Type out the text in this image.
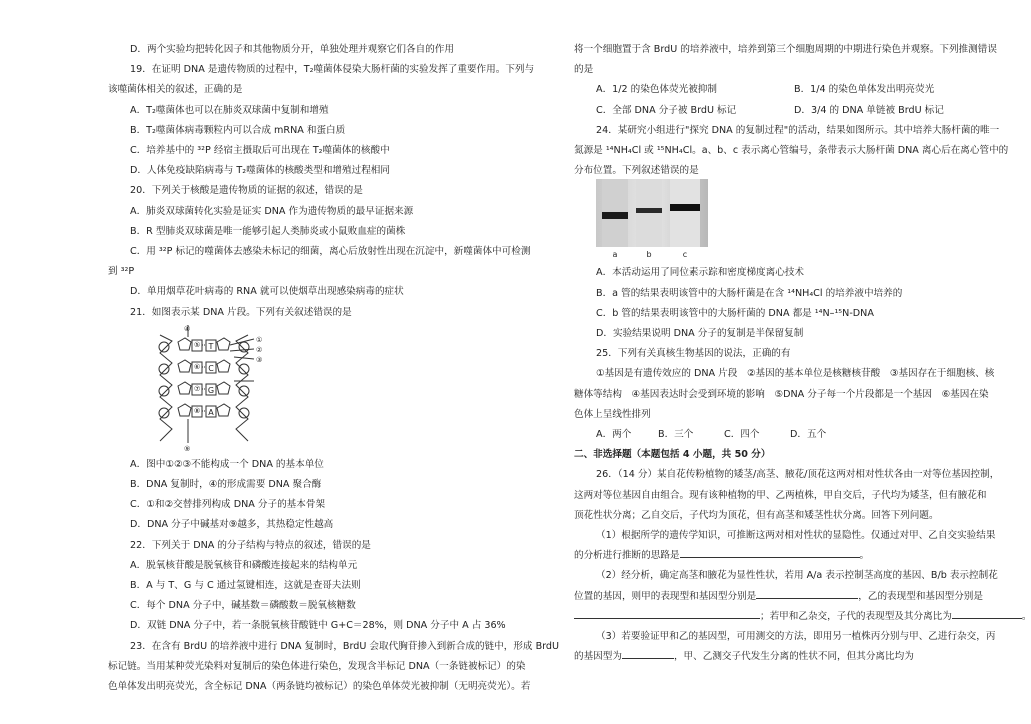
D．两个实验均把转化因子和其他物质分开，单独处理并观察它们各自的作用
19．在证明 DNA 是遗传物质的过程中，T₂噬菌体侵染大肠杆菌的实验发挥了重要作用。下列与
该噬菌体相关的叙述，正确的是
A．T₂噬菌体也可以在肺炎双球菌中复制和增殖
B．T₂噬菌体病毒颗粒内可以合成 mRNA 和蛋白质
C．培养基中的 ³²P 经宿主摄取后可出现在 T₂噬菌体的核酸中
D．人体免疫缺陷病毒与 T₂噬菌体的核酸类型和增殖过程相同
20．下列关于核酸是遗传物质的证据的叙述，错误的是
A．肺炎双球菌转化实验是证实 DNA 作为遗传物质的最早证据来源
B．R 型肺炎双球菌是唯一能够引起人类肺炎或小鼠败血症的菌株
C．用 ³²P 标记的噬菌体去感染未标记的细菌，离心后放射性出现在沉淀中，新噬菌体中可检测
到 ³²P
D．单用烟草花叶病毒的 RNA 就可以使烟草出现感染病毒的症状
21．如图表示某 DNA 片段。下列有关叙述错误的是
T
C
G
A
④
①
②
③
⑤
⑥
⑦
⑧
⑨
A．图中①②③不能构成一个 DNA 的基本单位
B．DNA 复制时，④的形成需要 DNA 聚合酶
C．①和②交替排列构成 DNA 分子的基本骨架
D．DNA 分子中碱基对⑨越多，其热稳定性越高
22．下列关于 DNA 的分子结构与特点的叙述，错误的是
A．脱氧核苷酸是脱氧核苷和磷酸连接起来的结构单元
B．A 与 T、G 与 C 通过氢键相连，这就是查哥夫法则
C．每个 DNA 分子中，碱基数＝磷酸数＝脱氧核糖数
D．双链 DNA 分子中，若一条脱氧核苷酸链中 G+C＝28%，则 DNA 分子中 A 占 36%
23．在含有 BrdU 的培养液中进行 DNA 复制时，BrdU 会取代胸苷掺入到新合成的链中，形成 BrdU
标记链。当用某种荧光染料对复制后的染色体进行染色，发现含半标记 DNA（一条链被标记）的染
色单体发出明亮荧光，含全标记 DNA（两条链均被标记）的染色单体荧光被抑制（无明亮荧光）。若
将一个细胞置于含 BrdU 的培养液中，培养到第三个细胞周期的中期进行染色并观察。下列推测错误
的是
A．1/2 的染色体荧光被抑制	B．1/4 的染色单体发出明亮荧光
C．全部 DNA 分子被 BrdU 标记	D．3/4 的 DNA 单链被 BrdU 标记
24．某研究小组进行"探究 DNA 的复制过程"的活动，结果如图所示。其中培养大肠杆菌的唯一
氮源是 ¹⁴NH₄Cl 或 ¹⁵NH₄Cl。a、b、c 表示离心管编号，条带表示大肠杆菌 DNA 离心后在离心管中的
分布位置。下列叙述错误的是
a	b	c
A．本活动运用了同位素示踪和密度梯度离心技术
B．a 管的结果表明该管中的大肠杆菌是在含 ¹⁴NH₄Cl 的培养液中培养的
C．b 管的结果表明该管中的大肠杆菌的 DNA 都是 ¹⁴N–¹⁵N-DNA
D．实验结果说明 DNA 分子的复制是半保留复制
25．下列有关真核生物基因的说法，正确的有
①基因是有遗传效应的 DNA 片段　②基因的基本单位是核糖核苷酸　③基因存在于细胞核、核
糖体等结构　④基因表达时会受到环境的影响　⑤DNA 分子每一个片段都是一个基因　⑥基因在染
色体上呈线性排列
A．两个	B．三个	C．四个	D．五个
二、非选择题（本题包括 4 小题，共 50 分）
26．（14 分）某自花传粉植物的矮茎/高茎、腋花/顶花这两对相对性状各由一对等位基因控制，
这两对等位基因自由组合。现有该种植物的甲、乙两植株，甲自交后，子代均为矮茎，但有腋花和
顶花性状分离；乙自交后，子代均为顶花，但有高茎和矮茎性状分离。回答下列问题。
（1）根据所学的遗传学知识，可推断这两对相对性状的显隐性。仅通过对甲、乙自交实验结果
的分析进行推断的思路是	。
（2）经分析，确定高茎和腋花为显性性状，若用 A/a 表示控制茎高度的基因、B/b 表示控制花
位置的基因，则甲的表现型和基因型分别是	，乙的表现型和基因型分别是
；若甲和乙杂交，子代的表现型及其分离比为	。
（3）若要验证甲和乙的基因型，可用测交的方法，即用另一植株丙分别与甲、乙进行杂交，丙
的基因型为	，甲、乙测交子代发生分离的性状不同，但其分离比均为
